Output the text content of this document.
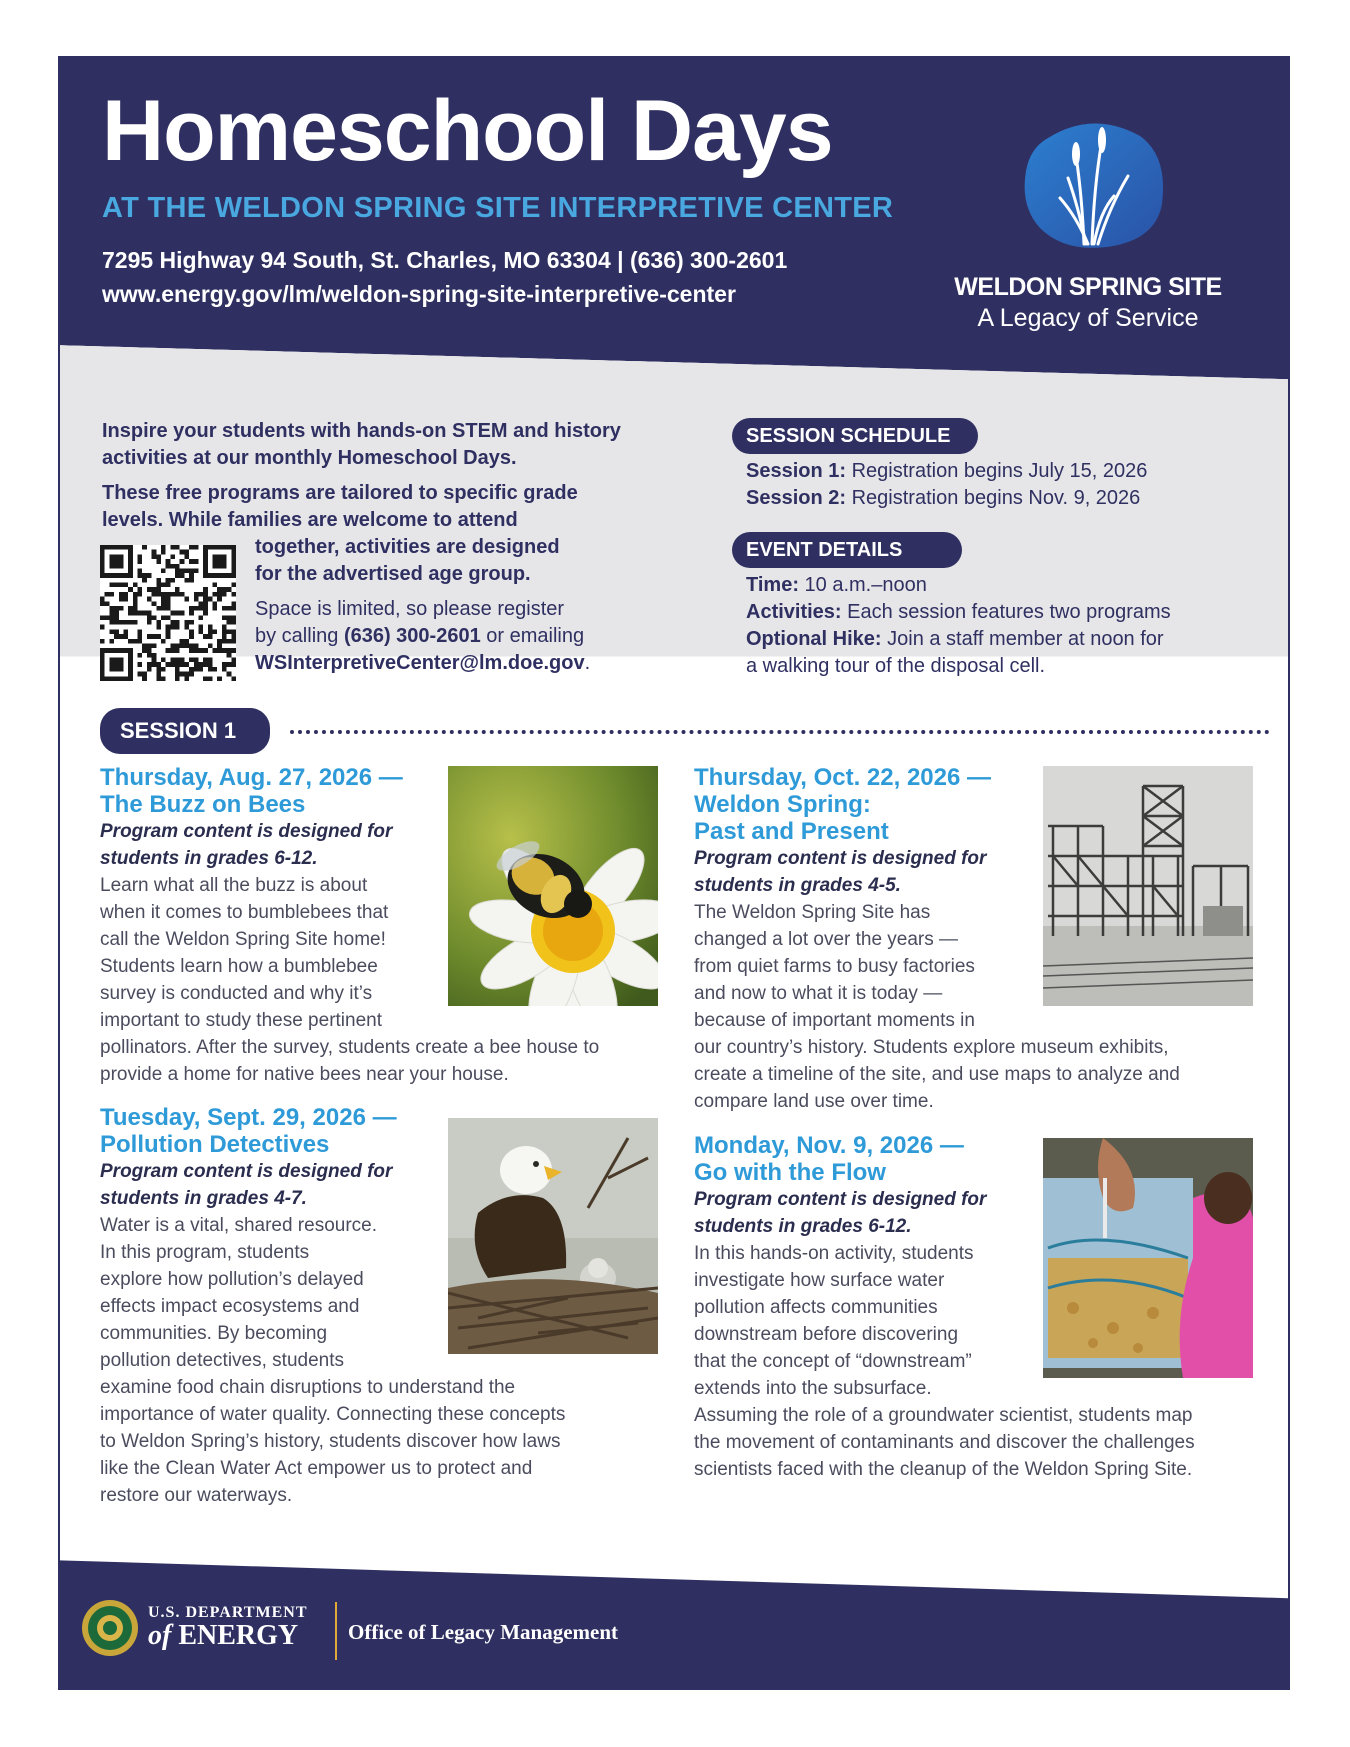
Homeschool Days
AT THE WELDON SPRING SITE INTERPRETIVE CENTER
7295 Highway 94 South, St. Charles, MO 63304 | (636) 300-2601
www.energy.gov/lm/weldon-spring-site-interpretive-center	WELDON SPRING SITE
A Legacy of Service
Inspire your students with hands-on STEM and history activities at our monthly Homeschool Days.

These free programs are tailored to specific grade

levels. While families are welcome to attend

together, activities are designed

for the advertised age group.

Space is limited, so please register
by calling (636) 300-2601 or emailing
WSInterpretiveCenter@lm.doe.gov.
SESSION SCHEDULE
Session 1: Registration begins July 15, 2026
Session 2: Registration begins Nov. 9, 2026
EVENT DETAILS
Time: 10 a.m.–noon
Activities: Each session features two programs
Optional Hike: Join a staff member at noon for
a walking tour of the disposal cell.
SESSION 1
Thursday, Aug. 27, 2026 —
The Buzz on Bees
Program content is designed for
students in grades 6-12.
Learn what all the buzz is about
when it comes to bumblebees that
call the Weldon Spring Site home!
Students learn how a bumblebee
survey is conducted and why it’s
important to study these pertinent
pollinators. After the survey, students create a bee house to
provide a home for native bees near your house.
Tuesday, Sept. 29, 2026 —
Pollution Detectives
Program content is designed for
students in grades 4-7.
Water is a vital, shared resource.
In this program, students
explore how pollution’s delayed
effects impact ecosystems and
communities. By becoming
pollution detectives, students
examine food chain disruptions to understand the
importance of water quality. Connecting these concepts
to Weldon Spring’s history, students discover how laws
like the Clean Water Act empower us to protect and
restore our waterways.
Thursday, Oct. 22, 2026 —
Weldon Spring:
Past and Present
Program content is designed for
students in grades 4-5.
The Weldon Spring Site has
changed a lot over the years —
from quiet farms to busy factories
and now to what it is today —
because of important moments in
our country’s history. Students explore museum exhibits,
create a timeline of the site, and use maps to analyze and
compare land use over time.
Monday, Nov. 9, 2026 —
Go with the Flow
Program content is designed for
students in grades 6-12.
In this hands-on activity, students
investigate how surface water
pollution affects communities
downstream before discovering
that the concept of “downstream”
extends into the subsurface.
Assuming the role of a groundwater scientist, students map
the movement of contaminants and discover the challenges
scientists faced with the cleanup of the Weldon Spring Site.
U.S. DEPARTMENT
of ENERGY	Office of Legacy Management
